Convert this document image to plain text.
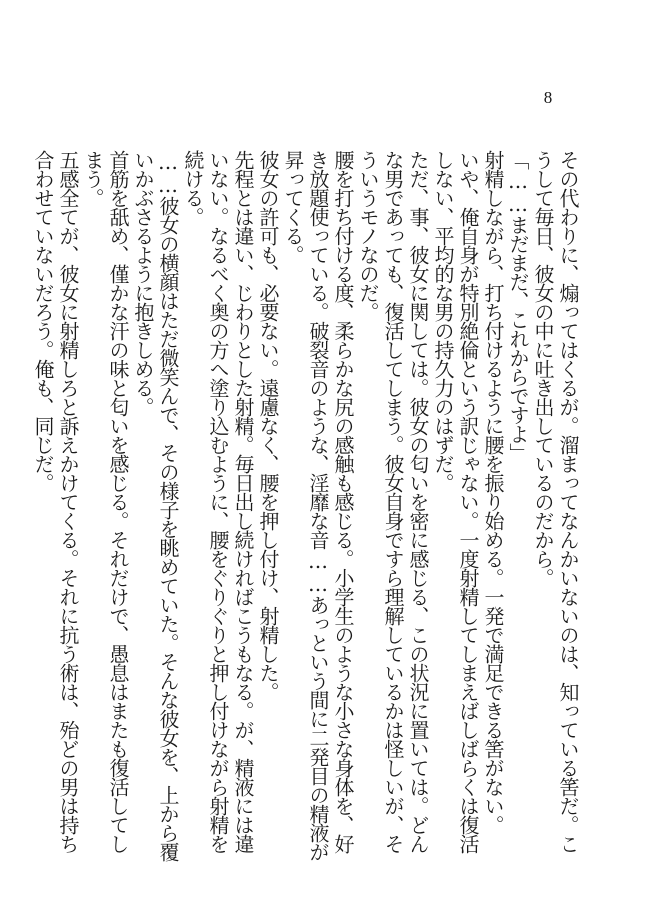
8

その代わりに、煽ってはくるが。溜まってなんかいないのは、知っている筈だ。こうして毎日、彼女の中に吐き出しているのだから。

「……まだまだ、これからですよ」

射精しながら、打ち付けるように腰を振り始める。一発で満足できる筈がない。

いや、俺自身が特別絶倫という訳じゃない。一度射精してしまえばしばらくは復活しない、平均的な男の持久力のはずだ。

ただ、事、彼女に関しては。彼女の匂いを密に感じる、この状況に置いては。どんな男であっても、復活してしまう。彼女自身ですら理解しているかは怪しいが、そういうモノなのだ。

腰を打ち付ける度、柔らかな尻の感触も感じる。小学生のような小さな身体を、好き放題使っている。破裂音のような、淫靡な音……あっという間に二発目の精液が昇ってくる。

彼女の許可も、必要ない。遠慮なく、腰を押し付け、射精した。

先程とは違い、じわりとした射精。毎日出し続ければこうもなる。が、精液には違いない。なるべく奥の方へ塗り込むように、腰をぐりぐりと押し付けながら射精を続ける。

……彼女の横顔はただ微笑んで、その様子を眺めていた。そんな彼女を、上から覆いかぶさるように抱きしめる。

首筋を舐め、僅かな汗の味と匂いを感じる。それだけで、愚息はまたも復活してしまう。

五感全てが、彼女に射精しろと訴えかけてくる。それに抗う術は、殆どの男は持ち合わせていないだろう。俺も、同じだ。
